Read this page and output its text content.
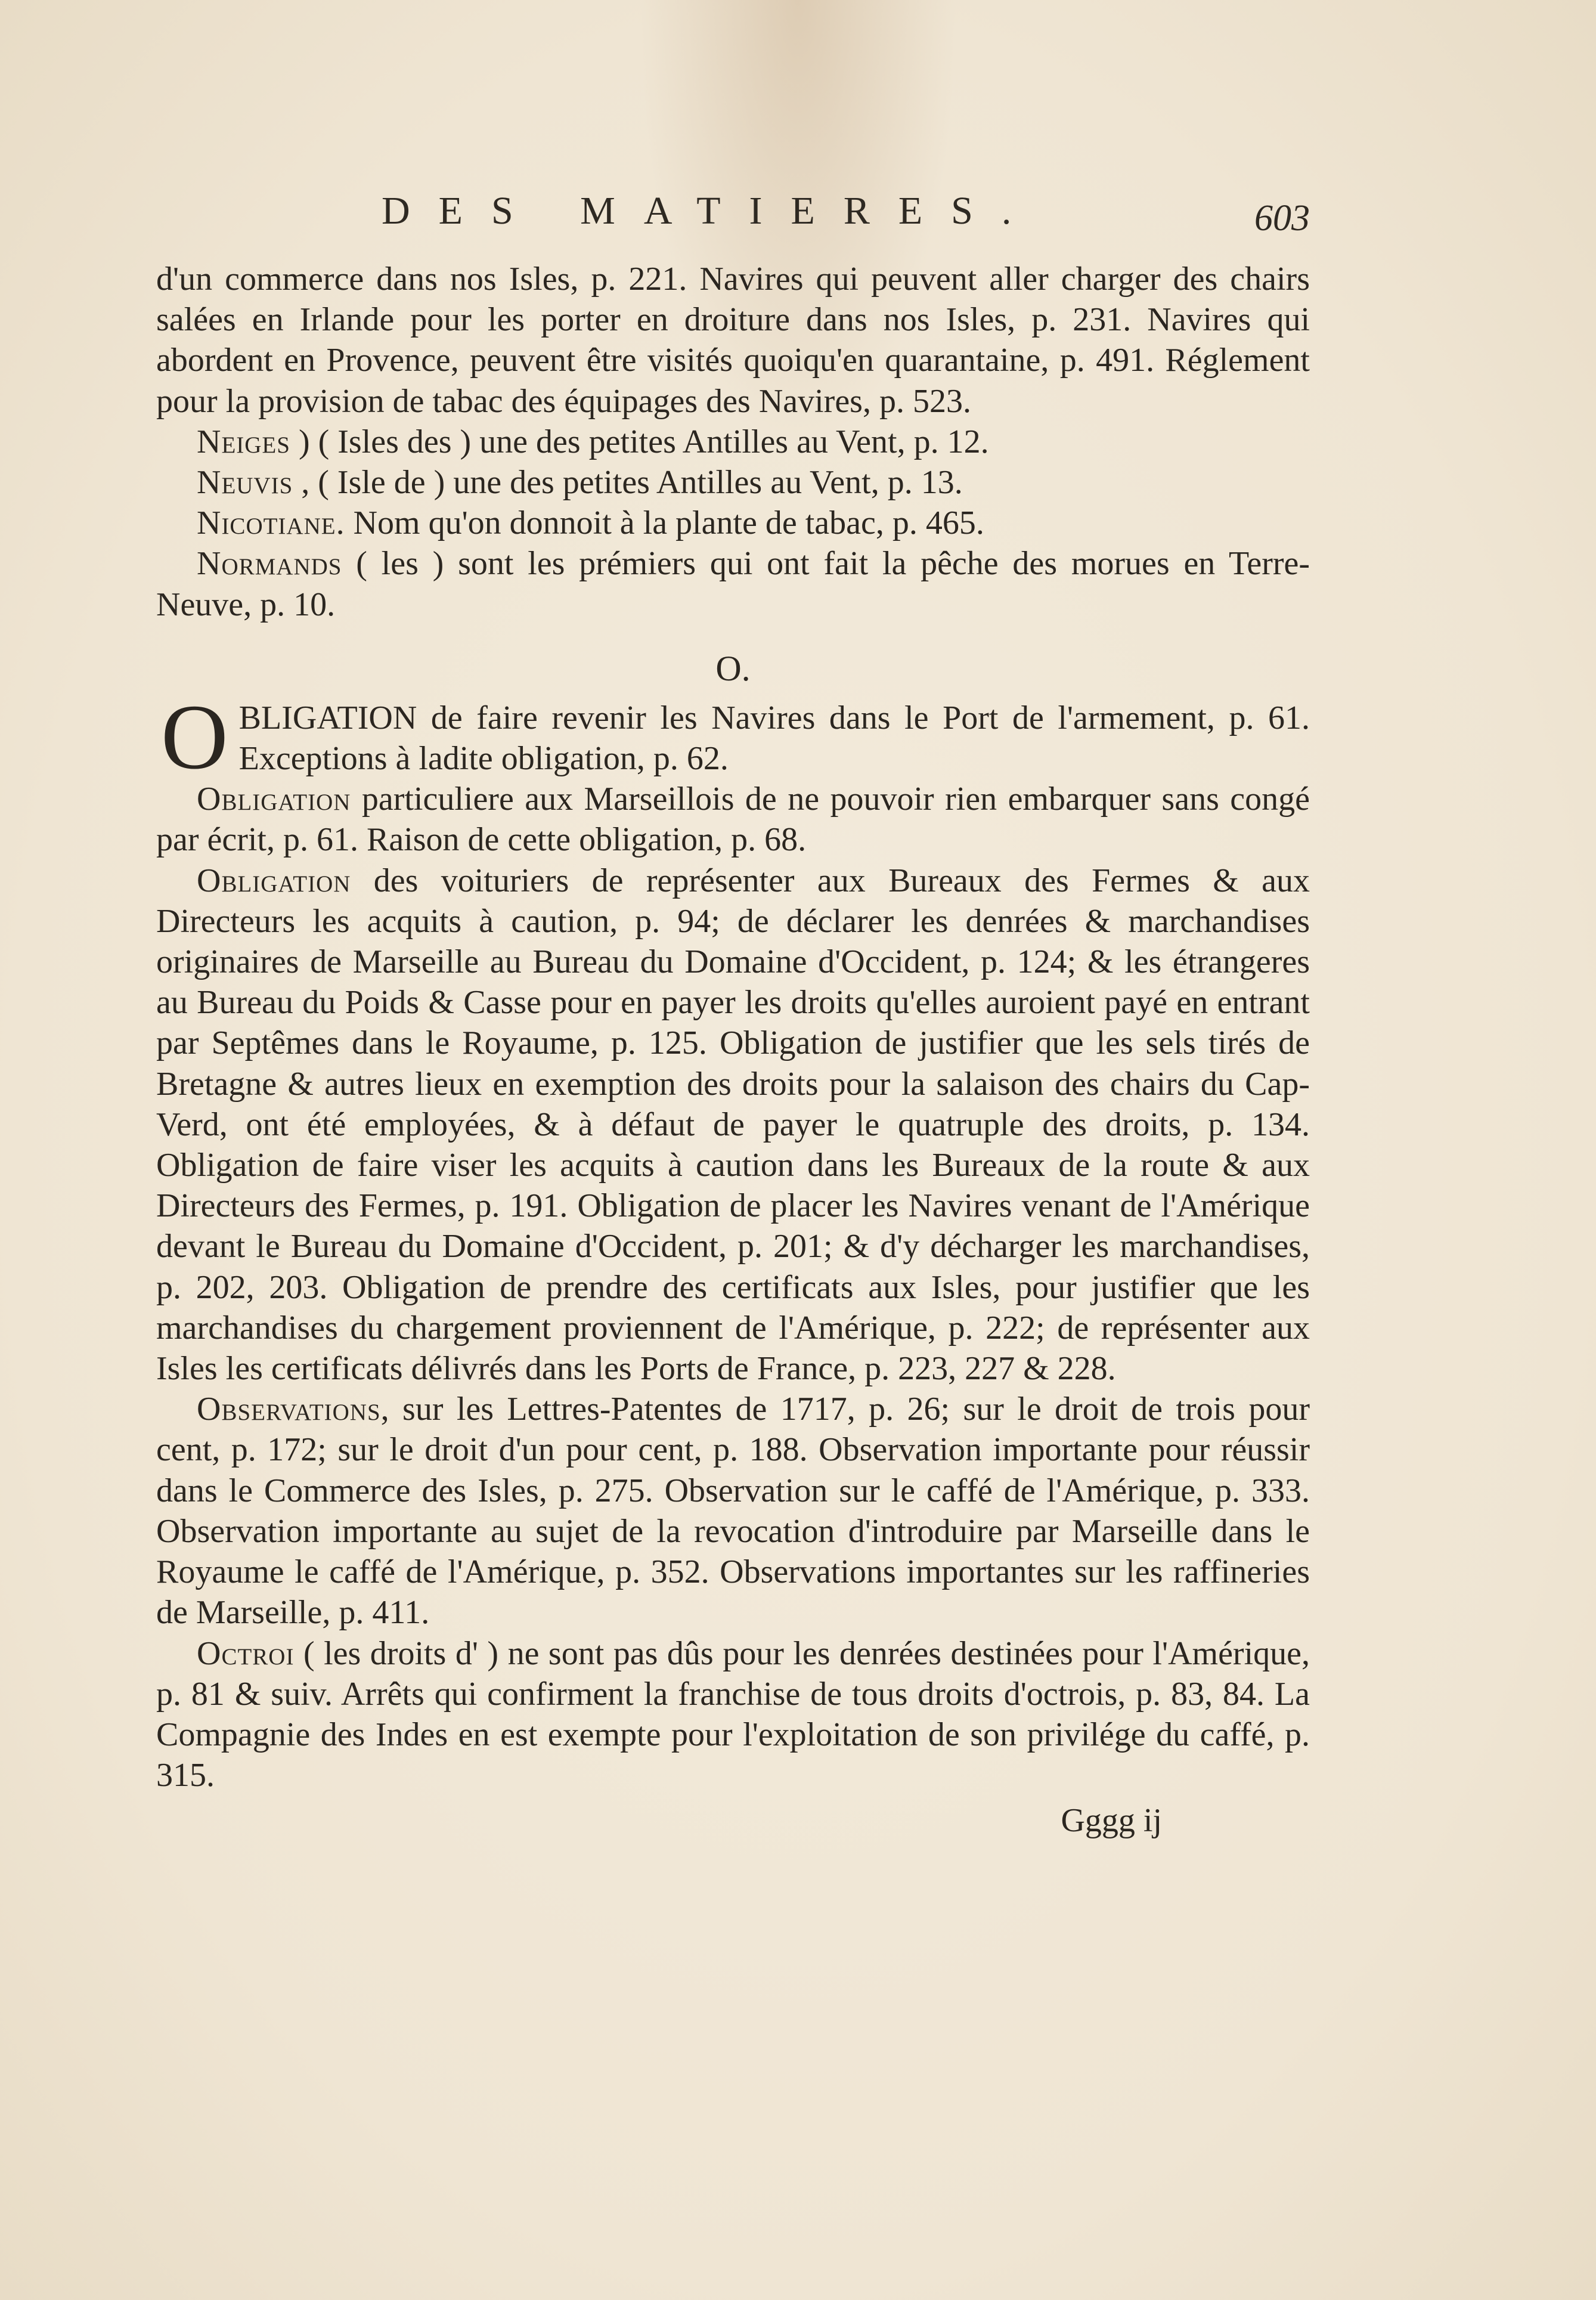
DES MATIERES.	603

d'un commerce dans nos Isles, p. 221. Navires qui peuvent aller charger des chairs salées en Irlande pour les porter en droiture dans nos Isles, p. 231. Navires qui abordent en Provence, peuvent être visités quoiqu'en quarantaine, p. 491. Réglement pour la provision de tabac des équipages des Navires, p. 523.

Neiges ) ( Isles des ) une des petites Antilles au Vent, p. 12.

Neuvis , ( Isle de ) une des petites Antilles au Vent, p. 13.

Nicotiane. Nom qu'on donnoit à la plante de tabac, p. 465.

Normands ( les ) sont les prémiers qui ont fait la pêche des morues en Terre-Neuve, p. 10.

O.

O BLIGATION de faire revenir les Navires dans le Port de l'armement, p. 61. Exceptions à ladite obligation, p. 62.

Obligation particuliere aux Marseillois de ne pouvoir rien embarquer sans congé par écrit, p. 61. Raison de cette obligation, p. 68.

Obligation des voituriers de représenter aux Bureaux des Fermes & aux Directeurs les acquits à caution, p. 94; de déclarer les denrées & marchandises originaires de Marseille au Bureau du Domaine d'Occident, p. 124; & les étrangeres au Bureau du Poids & Casse pour en payer les droits qu'elles auroient payé en entrant par Septêmes dans le Royaume, p. 125. Obligation de justifier que les sels tirés de Bretagne & autres lieux en exemption des droits pour la salaison des chairs du Cap-Verd, ont été employées, & à défaut de payer le quatruple des droits, p. 134. Obligation de faire viser les acquits à caution dans les Bureaux de la route & aux Directeurs des Fermes, p. 191. Obligation de placer les Navires venant de l'Amérique devant le Bureau du Domaine d'Occident, p. 201; & d'y décharger les marchandises, p. 202, 203. Obligation de prendre des certificats aux Isles, pour justifier que les marchandises du chargement proviennent de l'Amérique, p. 222; de représenter aux Isles les certificats délivrés dans les Ports de France, p. 223, 227 & 228.

Observations, sur les Lettres-Patentes de 1717, p. 26; sur le droit de trois pour cent, p. 172; sur le droit d'un pour cent, p. 188. Observation importante pour réussir dans le Commerce des Isles, p. 275. Observation sur le caffé de l'Amérique, p. 333. Observation importante au sujet de la revocation d'introduire par Marseille dans le Royaume le caffé de l'Amérique, p. 352. Observations importantes sur les raffineries de Marseille, p. 411.

Octroi ( les droits d' ) ne sont pas dûs pour les denrées destinées pour l'Amérique, p. 81 & suiv. Arrêts qui confirment la franchise de tous droits d'octrois, p. 83, 84. La Compagnie des Indes en est exempte pour l'exploitation de son privilége du caffé, p. 315.

Gggg ij
